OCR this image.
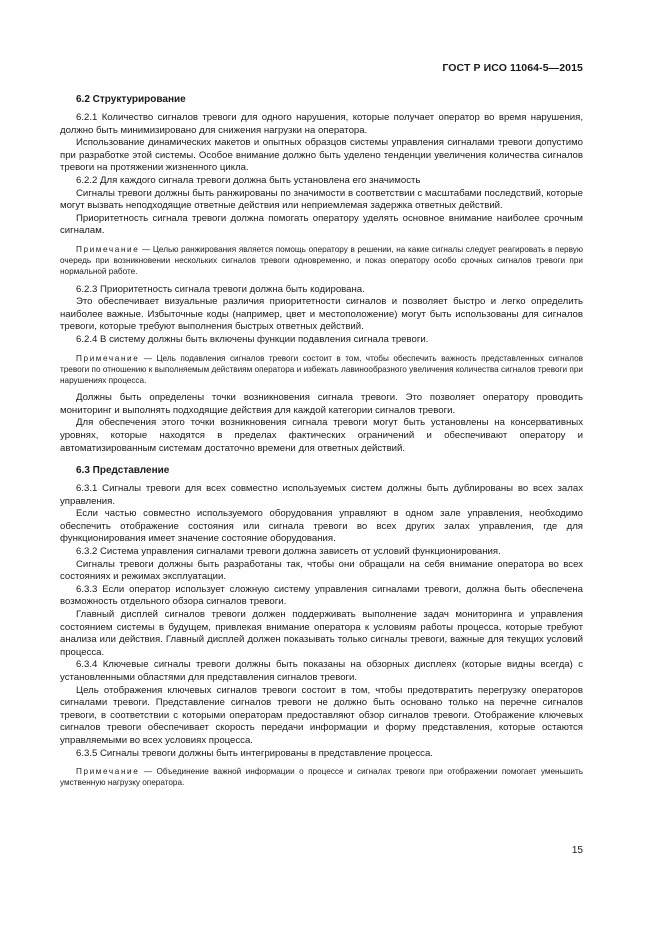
ГОСТ Р ИСО 11064-5—2015
6.2 Структурирование

6.2.1 Количество сигналов тревоги для одного нарушения, которые получает оператор во время нарушения, должно быть минимизировано для снижения нагрузки на оператора.

Использование динамических макетов и опытных образцов системы управления сигналами тревоги допустимо при разработке этой системы. Особое внимание должно быть уделено тенденции увеличения количества сигналов тревоги на протяжении жизненного цикла.

6.2.2 Для каждого сигнала тревоги должна быть установлена его значимость

Сигналы тревоги должны быть ранжированы по значимости в соответствии с масштабами последствий, которые могут вызвать неподходящие ответные действия или неприемлемая задержка ответных действий.

Приоритетность сигнала тревоги должна помогать оператору уделять основное внимание наиболее срочным сигналам.

Примечание — Целью ранжирования является помощь оператору в решении, на какие сигналы следует реагировать в первую очередь при возникновении нескольких сигналов тревоги одновременно, и показ оператору особо срочных сигналов тревоги при нормальной работе.

6.2.3 Приоритетность сигнала тревоги должна быть кодирована.

Это обеспечивает визуальные различия приоритетности сигналов и позволяет быстро и легко определить наиболее важные. Избыточные коды (например, цвет и местоположение) могут быть использованы для сигналов тревоги, которые требуют выполнения быстрых ответных действий.

6.2.4 В систему должны быть включены функции подавления сигнала тревоги.

Примечание — Цель подавления сигналов тревоги состоит в том, чтобы обеспечить важность представленных сигналов тревоги по отношению к выполняемым действиям оператора и избежать лавинообразного увеличения количества сигналов тревоги при нарушениях процесса.

Должны быть определены точки возникновения сигнала тревоги. Это позволяет оператору проводить мониторинг и выполнять подходящие действия для каждой категории сигналов тревоги.

Для обеспечения этого точки возникновения сигнала тревоги могут быть установлены на консервативных уровнях, которые находятся в пределах фактических ограничений и обеспечивают оператору и автоматизированным системам достаточно времени для ответных действий.

6.3 Представление

6.3.1 Сигналы тревоги для всех совместно используемых систем должны быть дублированы во всех залах управления.

Если частью совместно используемого оборудования управляют в одном зале управления, необходимо обеспечить отображение состояния или сигнала тревоги во всех других залах управления, где для функционирования имеет значение состояние оборудования.

6.3.2 Система управления сигналами тревоги должна зависеть от условий функционирования.

Сигналы тревоги должны быть разработаны так, чтобы они обращали на себя внимание оператора во всех состояниях и режимах эксплуатации.

6.3.3 Если оператор использует сложную систему управления сигналами тревоги, должна быть обеспечена возможность отдельного обзора сигналов тревоги.

Главный дисплей сигналов тревоги должен поддерживать выполнение задач мониторинга и управления состоянием системы в будущем, привлекая внимание оператора к условиям работы процесса, которые требуют анализа или действия. Главный дисплей должен показывать только сигналы тревоги, важные для текущих условий процесса.

6.3.4 Ключевые сигналы тревоги должны быть показаны на обзорных дисплеях (которые видны всегда) с установленными областями для представления сигналов тревоги.

Цель отображения ключевых сигналов тревоги состоит в том, чтобы предотвратить перегрузку операторов сигналами тревоги. Представление сигналов тревоги не должно быть основано только на перечне сигналов тревоги, в соответствии с которыми операторам предоставляют обзор сигналов тревоги. Отображение ключевых сигналов тревоги обеспечивает скорость передачи информации и форму представления, которые остаются управляемыми во всех условиях процесса.

6.3.5 Сигналы тревоги должны быть интегрированы в представление процесса.

Примечание — Объединение важной информации о процессе и сигналах тревоги при отображении помогает уменьшить умственную нагрузку оператора.

15
